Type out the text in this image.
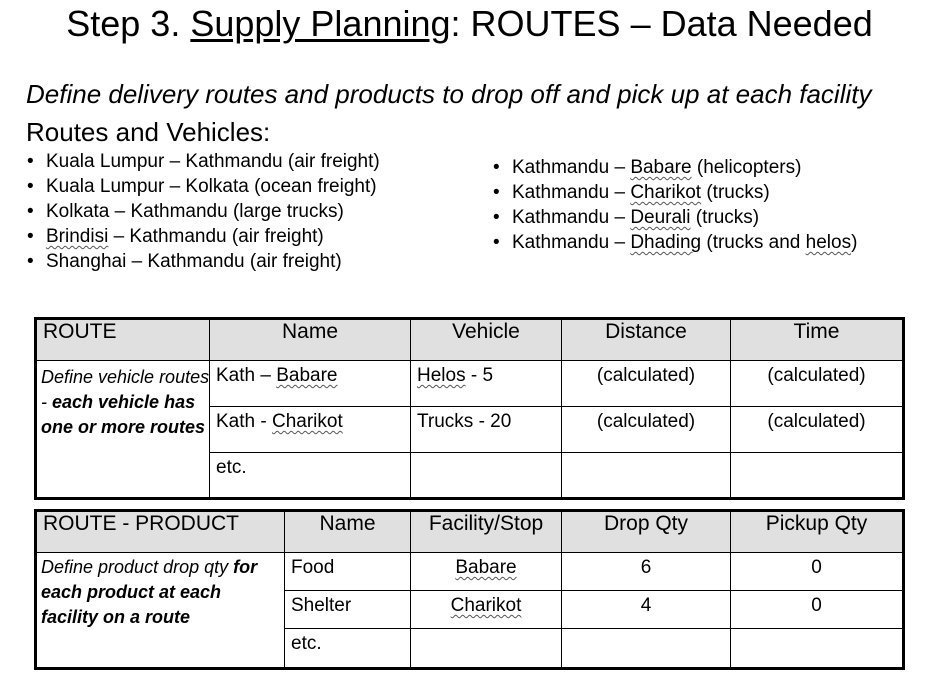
Step 3. Supply Planning: ROUTES – Data Needed
Define delivery routes and products to drop off and pick up at each facility
Routes and Vehicles:
• Kuala Lumpur – Kathmandu (air freight)
• Kuala Lumpur – Kolkata (ocean freight)
• Kolkata – Kathmandu (large trucks)
• Brindisi – Kathmandu (air freight)
• Shanghai – Kathmandu (air freight)
• Kathmandu – Babare (helicopters)
• Kathmandu – Charikot (trucks)
• Kathmandu – Deurali (trucks)
• Kathmandu – Dhading (trucks and helos)
ROUTE	Name	Vehicle	Distance	Time

Define vehicle routes - each vehicle has one or more routes	Kath – Babare	Helos - 5	(calculated)	(calculated)
	Kath - Charikot	Trucks - 20	(calculated)	(calculated)
	etc.			
ROUTE - PRODUCT	Name	Facility/Stop	Drop Qty	Pickup Qty

Define product drop qty for each product at each facility on a route	Food	Babare	6	0
	Shelter	Charikot	4	0
	etc.			
